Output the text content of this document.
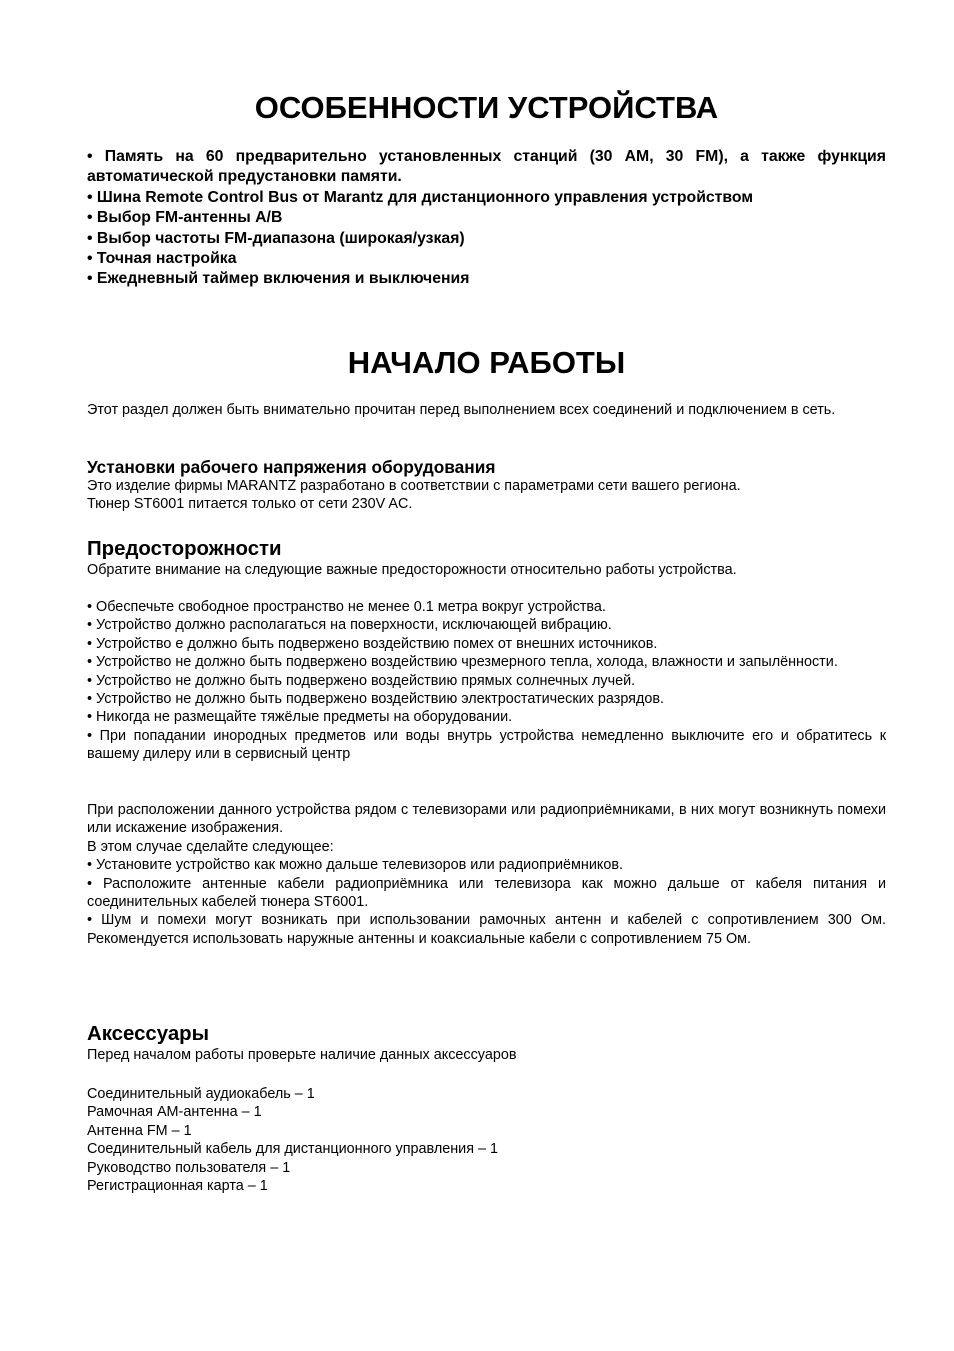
ОСОБЕННОСТИ УСТРОЙСТВА
• Память на 60 предварительно установленных станций (30 AM, 30 FM), а также функция автоматической предустановки памяти.
• Шина Remote Control Bus от Marantz для дистанционного управления устройством
• Выбор FM-антенны A/B
• Выбор частоты FM-диапазона (широкая/узкая)
• Точная настройка
• Ежедневный таймер включения и выключения
НАЧАЛО РАБОТЫ

Этот раздел должен быть внимательно прочитан перед выполнением всех соединений и подключением в сеть.

Установки рабочего напряжения оборудования

Это изделие фирмы MARANTZ разработано в соответствии с параметрами сети вашего региона.

Тюнер ST6001 питается только от сети 230V AC.

Предосторожности

Обратите внимание на следующие важные предосторожности относительно работы устройства.

• Обеспечьте свободное пространство не менее 0.1 метра вокруг устройства.
• Устройство должно располагаться на поверхности, исключающей вибрацию.
• Устройство е должно быть подвержено воздействию помех от внешних источников.
• Устройство не должно быть подвержено воздействию чрезмерного тепла, холода, влажности и запылённости.
• Устройство не должно быть подвержено воздействию прямых солнечных лучей.
• Устройство не должно быть подвержено воздействию электростатических разрядов.
• Никогда не размещайте тяжёлые предметы на оборудовании.
• При попадании инородных предметов или воды внутрь устройства немедленно выключите его и обратитесь к вашему дилеру или в сервисный центр

При расположении данного устройства рядом с телевизорами или радиоприёмниками, в них могут возникнуть помехи или искажение изображения.

В этом случае сделайте следующее:

• Установите устройство как можно дальше телевизоров или радиоприёмников.
• Расположите антенные кабели радиоприёмника или телевизора как можно дальше от кабеля питания и соединительных кабелей тюнера ST6001.
• Шум и помехи могут возникать при использовании рамочных антенн и кабелей с сопротивлением 300 Ом. Рекомендуется использовать наружные антенны и коаксиальные кабели с сопротивлением 75 Ом.
Аксессуары

Перед началом работы проверьте наличие данных аксессуаров

Соединительный аудиокабель – 1
Рамочная AM-антенна – 1
Антенна FM – 1
Соединительный кабель для дистанционного управления – 1
Руководство пользователя – 1
Регистрационная карта – 1
